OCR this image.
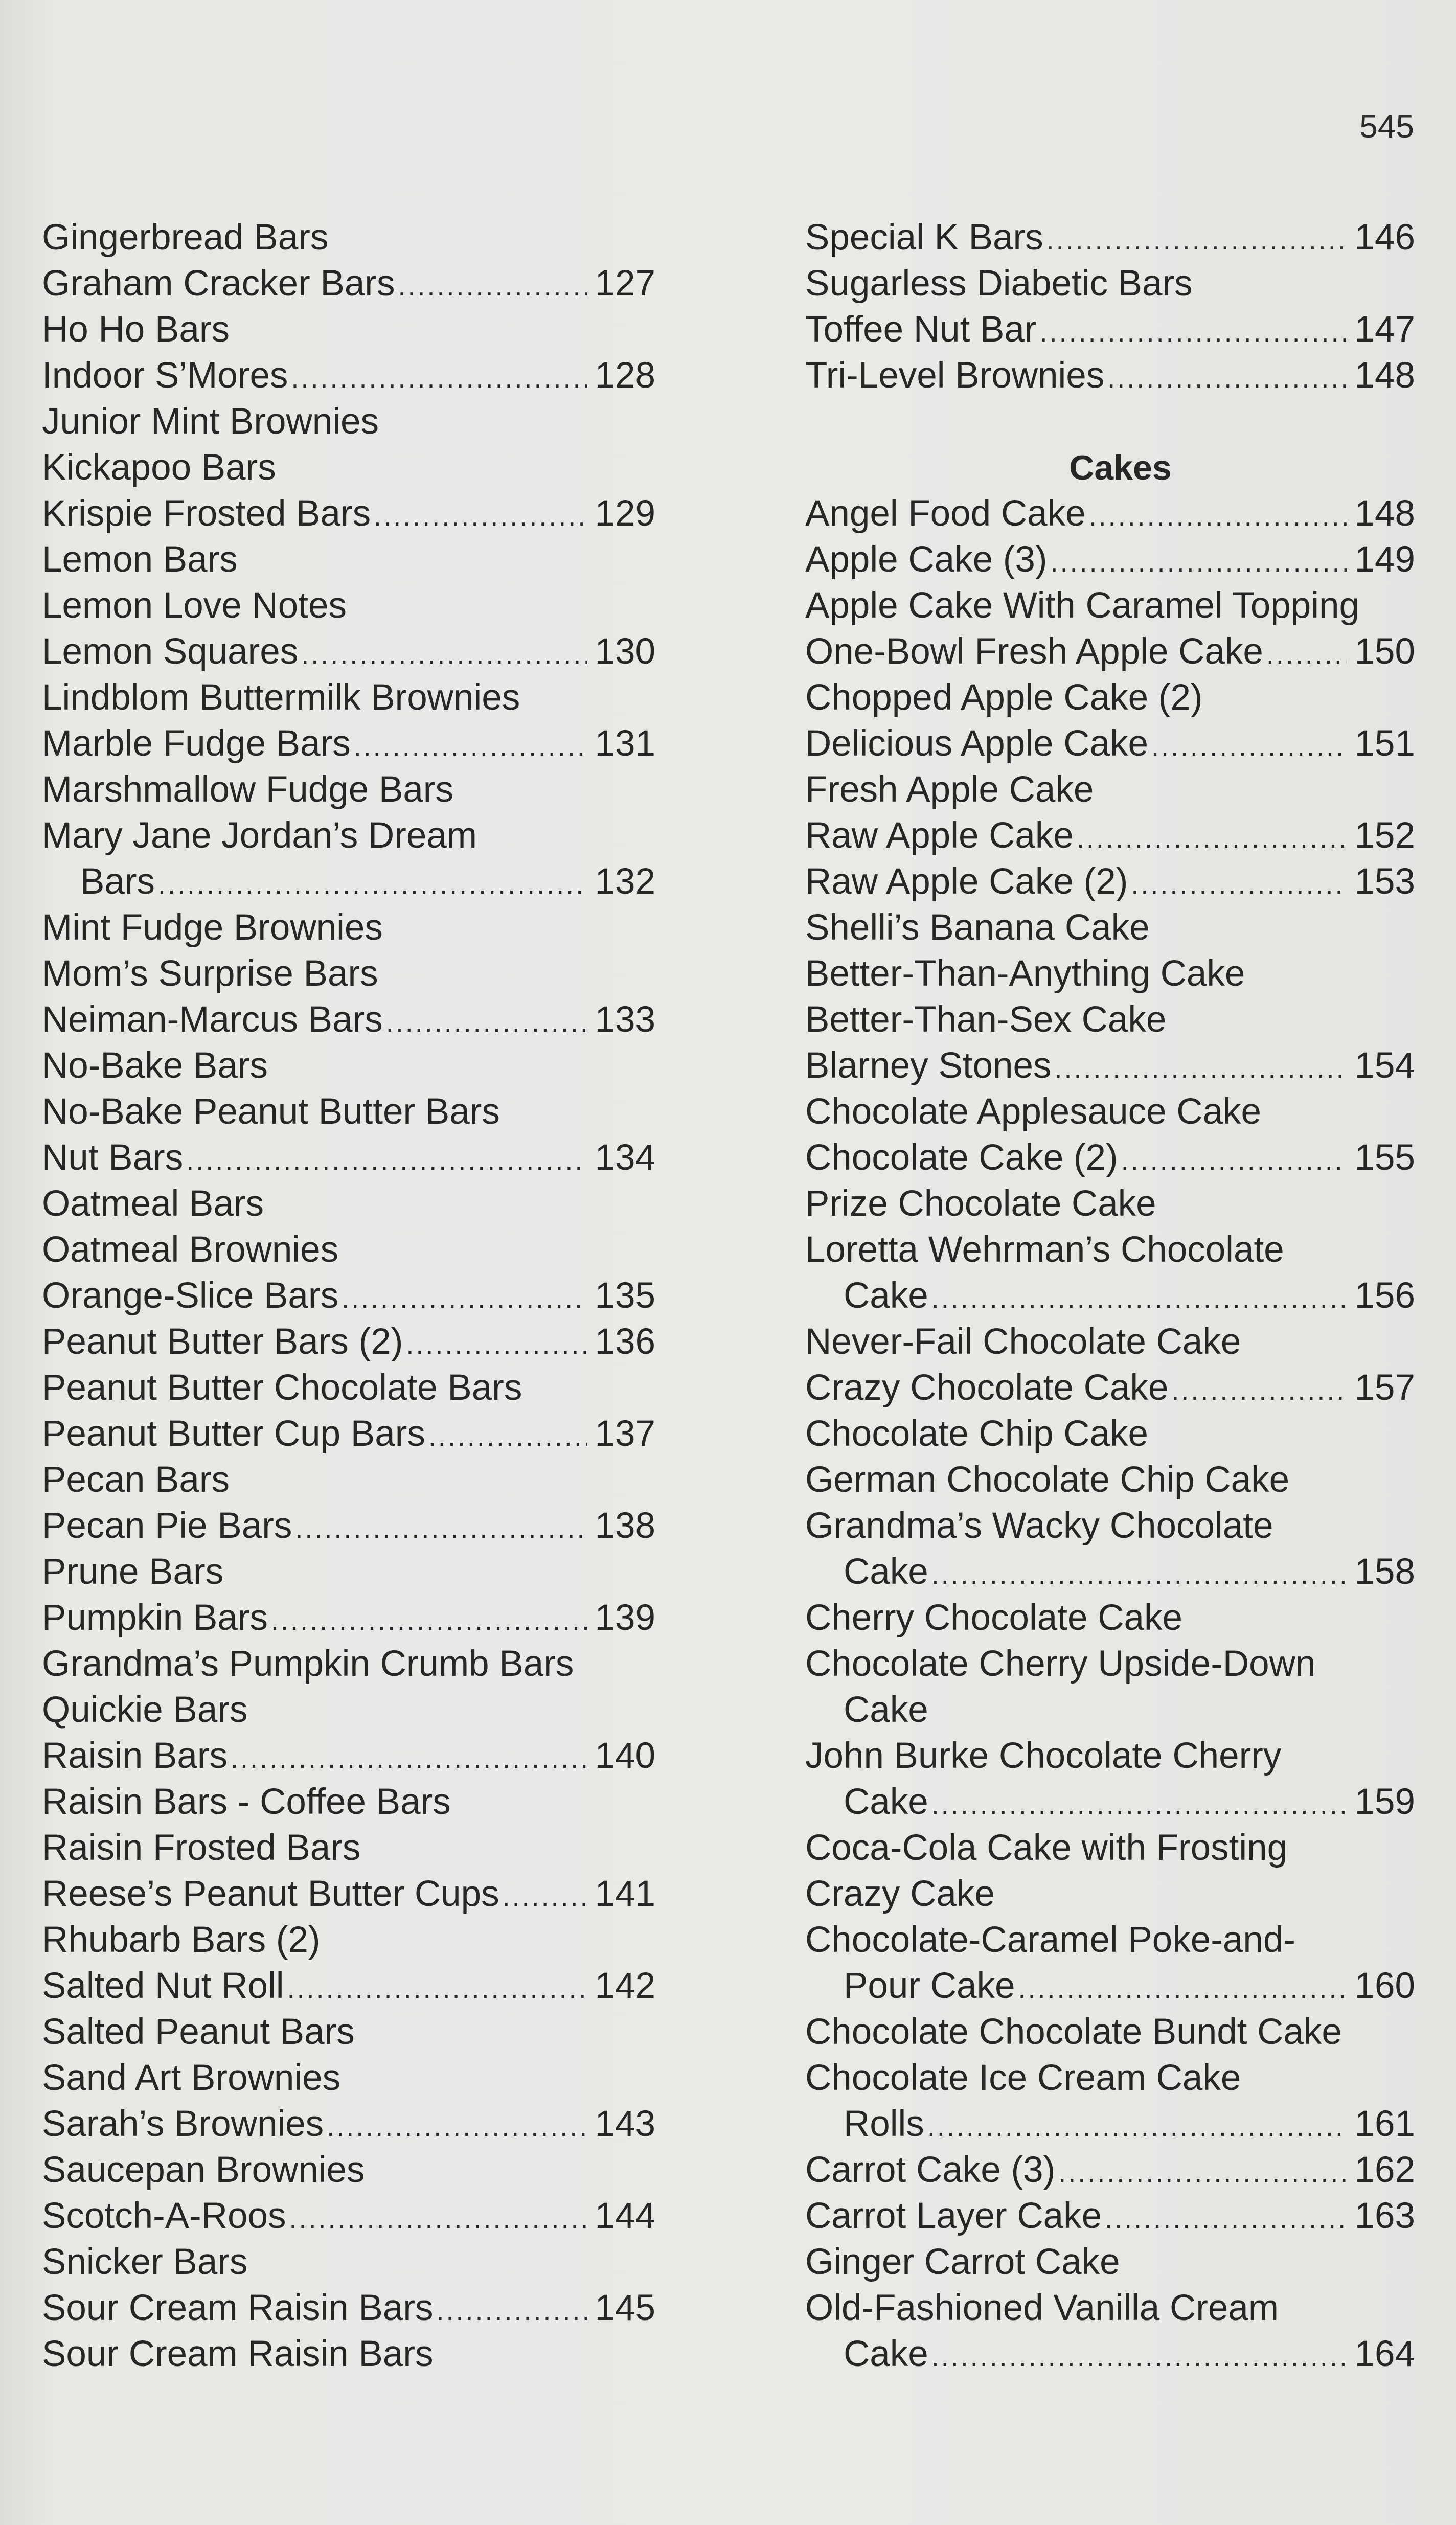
545
Gingerbread Bars
Graham Cracker Bars .....	127
Ho Ho Bars
Indoor S’Mores .....	128
Junior Mint Brownies
Kickapoo Bars
Krispie Frosted Bars .....	129
Lemon Bars
Lemon Love Notes
Lemon Squares .....	130
Lindblom Buttermilk Brownies
Marble Fudge Bars .....	131
Marshmallow Fudge Bars
Mary Jane Jordan’s Dream
Bars .....	132
Mint Fudge Brownies
Mom’s Surprise Bars
Neiman-Marcus Bars .....	133
No-Bake Bars
No-Bake Peanut Butter Bars
Nut Bars .....	134
Oatmeal Bars
Oatmeal Brownies
Orange-Slice Bars .....	135
Peanut Butter Bars (2) .....	136
Peanut Butter Chocolate Bars
Peanut Butter Cup Bars .....	137
Pecan Bars
Pecan Pie Bars .....	138
Prune Bars
Pumpkin Bars .....	139
Grandma’s Pumpkin Crumb Bars
Quickie Bars
Raisin Bars .....	140
Raisin Bars - Coffee Bars
Raisin Frosted Bars
Reese’s Peanut Butter Cups .....	141
Rhubarb Bars (2)
Salted Nut Roll .....	142
Salted Peanut Bars
Sand Art Brownies
Sarah’s Brownies .....	143
Saucepan Brownies
Scotch-A-Roos .....	144
Snicker Bars
Sour Cream Raisin Bars .....	145
Sour Cream Raisin Bars
Special K Bars .....	146
Sugarless Diabetic Bars
Toffee Nut Bar .....	147
Tri-Level Brownies .....	148
Cakes
Angel Food Cake .....	148
Apple Cake (3) .....	149
Apple Cake With Caramel Topping
One-Bowl Fresh Apple Cake .....	150
Chopped Apple Cake (2)
Delicious Apple Cake .....	151
Fresh Apple Cake
Raw Apple Cake .....	152
Raw Apple Cake (2) .....	153
Shelli’s Banana Cake
Better-Than-Anything Cake
Better-Than-Sex Cake
Blarney Stones .....	154
Chocolate Applesauce Cake
Chocolate Cake (2) .....	155
Prize Chocolate Cake
Loretta Wehrman’s Chocolate
Cake .....	156
Never-Fail Chocolate Cake
Crazy Chocolate Cake .....	157
Chocolate Chip Cake
German Chocolate Chip Cake
Grandma’s Wacky Chocolate
Cake .....	158
Cherry Chocolate Cake
Chocolate Cherry Upside-Down
Cake
John Burke Chocolate Cherry
Cake .....	159
Coca-Cola Cake with Frosting
Crazy Cake
Chocolate-Caramel Poke-and-
Pour Cake .....	160
Chocolate Chocolate Bundt Cake
Chocolate Ice Cream Cake
Rolls .....	161
Carrot Cake (3) .....	162
Carrot Layer Cake .....	163
Ginger Carrot Cake
Old-Fashioned Vanilla Cream
Cake .....	164
